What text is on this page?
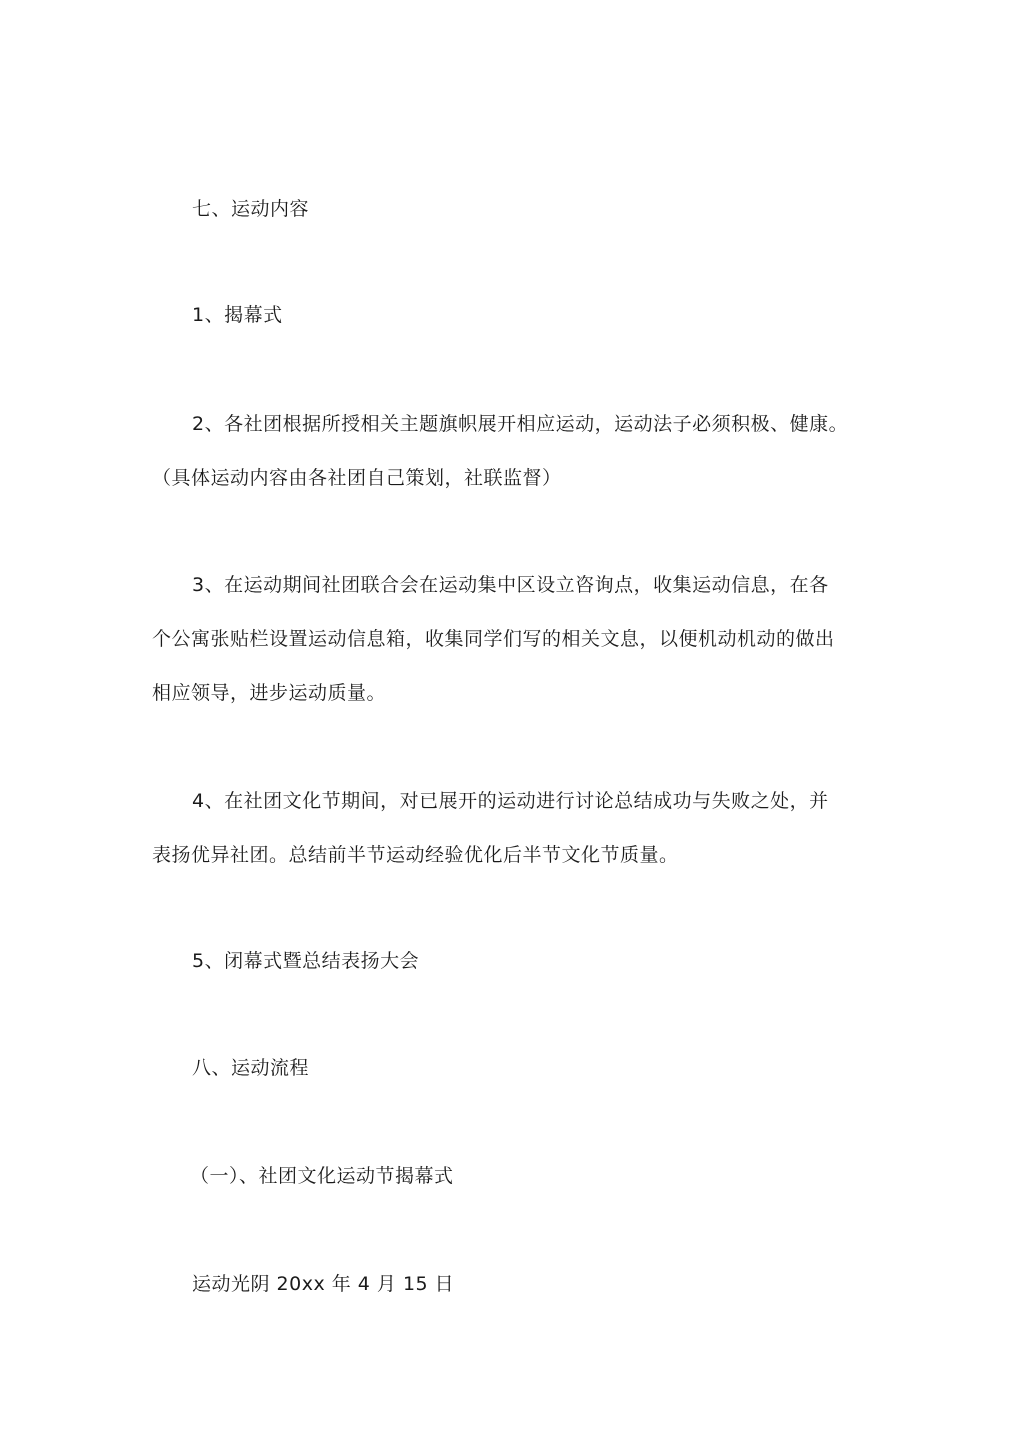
七、运动内容
1、揭幕式
2、各社团根据所授相关主题旗帜展开相应运动，运动法子必须积极、健康。
（具体运动内容由各社团自己策划，社联监督）
3、在运动期间社团联合会在运动集中区设立咨询点，收集运动信息，在各
个公寓张贴栏设置运动信息箱，收集同学们写的相关文息，以便机动机动的做出
相应领导，进步运动质量。
4、在社团文化节期间，对已展开的运动进行讨论总结成功与失败之处，并
表扬优异社团。总结前半节运动经验优化后半节文化节质量。
5、闭幕式暨总结表扬大会
八、运动流程
（一）、社团文化运动节揭幕式
运动光阴 20xx 年 4 月 15 日
